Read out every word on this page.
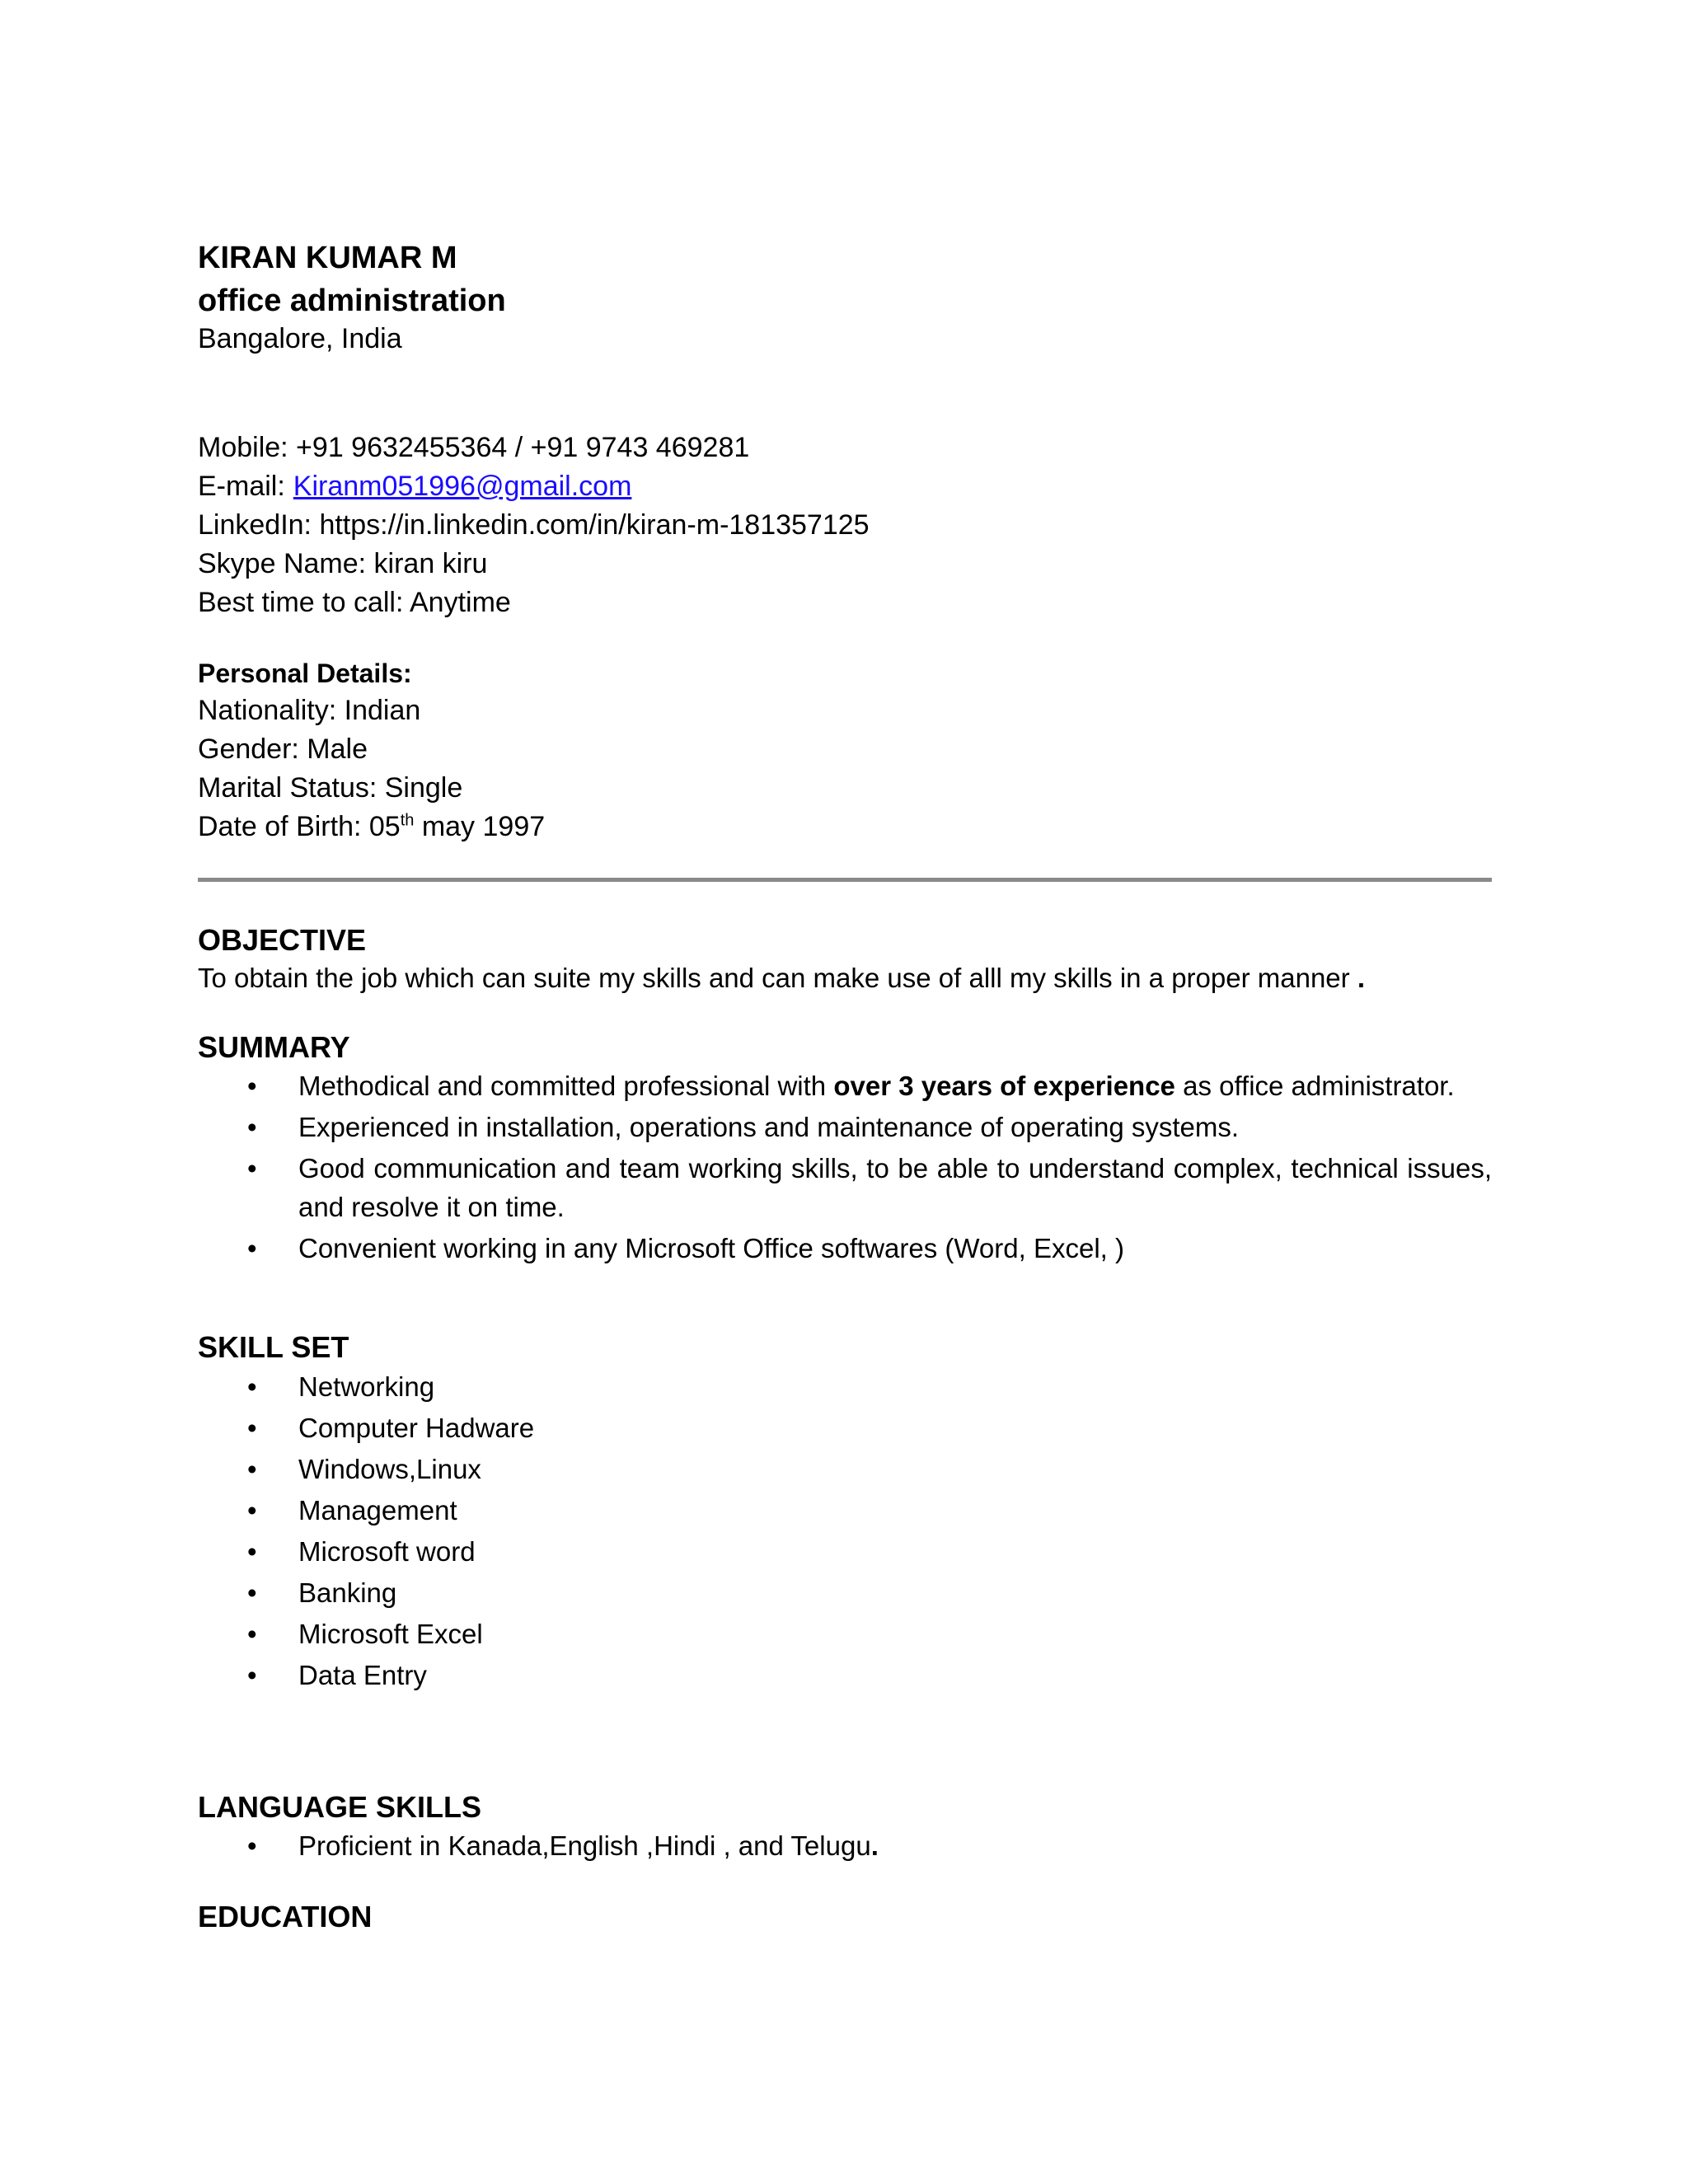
KIRAN KUMAR M

office administration

Bangalore, India

Mobile: +91 9632455364 / +91 9743 469281
E-mail: Kiranm051996@gmail.com
LinkedIn: https://in.linkedin.com/in/kiran-m-181357125
Skype Name: kiran kiru
Best time to call: Anytime
Personal Details:
Nationality: Indian
Gender: Male
Marital Status: Single
Date of Birth: 05th may 1997

OBJECTIVE

To obtain the job which can suite my skills and can make use of alll my skills in a proper manner .

SUMMARY

• Methodical and committed professional with over 3 years of experience as office administrator.
• Experienced in installation, operations and maintenance of operating systems.
• Good communication and team working skills, to be able to understand complex, technical issues, and resolve it on time.
• Convenient working in any Microsoft Office softwares (Word, Excel, )

SKILL SET

• Networking
• Computer Hadware
• Windows,Linux
• Management
• Microsoft word
• Banking
• Microsoft Excel
• Data Entry

LANGUAGE SKILLS

• Proficient in Kanada,English ,Hindi , and Telugu.

EDUCATION
